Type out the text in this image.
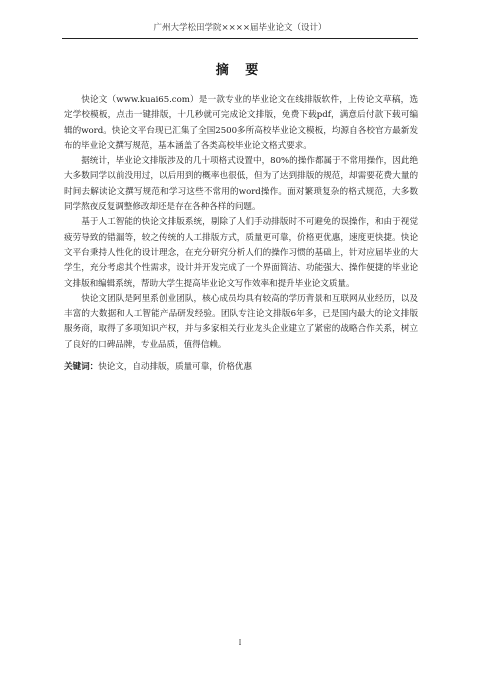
广州大学松田学院××××届毕业论文（设计）
摘 要

快论文（www.kuai65.com）是一款专业的毕业论文在线排版软件，上传论文草稿，选定学校模板，点击一键排版，十几秒就可完成论文排版，免费下载pdf，满意后付款下载可编辑的word。快论文平台现已汇集了全国2500多所高校毕业论文模板，均源自各校官方最新发布的毕业论文撰写规范，基本涵盖了各类高校毕业论文格式要求。

据统计，毕业论文排版涉及的几十项格式设置中，80%的操作都属于不常用操作，因此绝大多数同学以前没用过，以后用到的概率也很低，但为了达到排版的规范，却需要花费大量的时间去解读论文撰写规范和学习这些不常用的word操作。面对繁琐复杂的格式规范，大多数同学熬夜反复调整修改却还是存在各种各样的问题。

基于人工智能的快论文排版系统，剔除了人们手动排版时不可避免的误操作，和由于视觉疲劳导致的错漏等，较之传统的人工排版方式，质量更可靠，价格更优惠，速度更快捷。快论文平台秉持人性化的设计理念，在充分研究分析人们的操作习惯的基础上，针对应届毕业的大学生，充分考虑其个性需求，设计并开发完成了一个界面简洁、功能强大、操作便捷的毕业论文排版和编辑系统，帮助大学生提高毕业论文写作效率和提升毕业论文质量。

快论文团队是阿里系创业团队，核心成员均具有较高的学历背景和互联网从业经历，以及丰富的大数据和人工智能产品研发经验。团队专注论文排版6年多，已是国内最大的论文排版服务商，取得了多项知识产权，并与多家相关行业龙头企业建立了紧密的战略合作关系，树立了良好的口碑品牌，专业品质，值得信赖。

关键词：快论文，自动排版，质量可靠，价格优惠
I
